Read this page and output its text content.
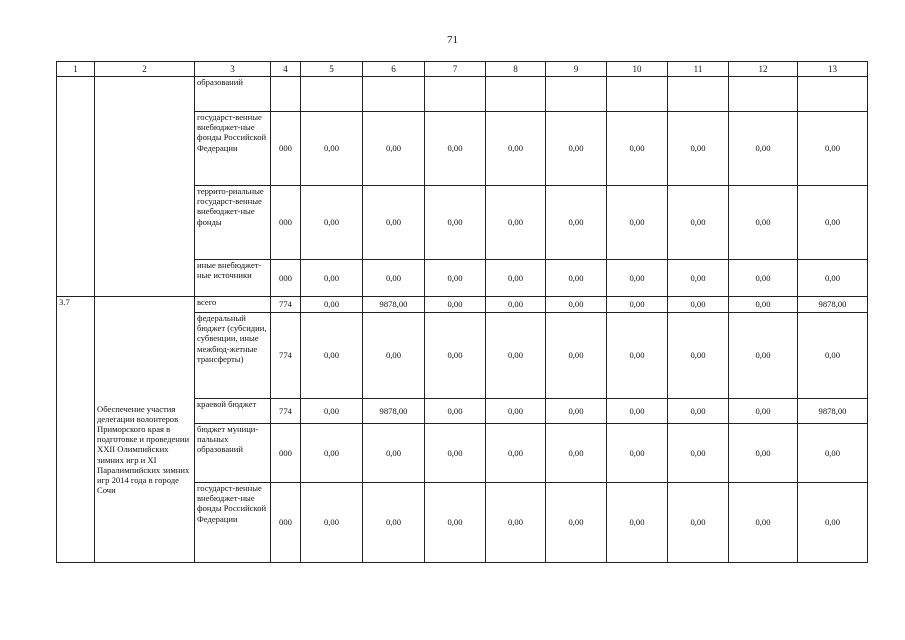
71
1	2	3	4	5	6	7	8	9	10	11	12	13
		образований										
		государст-венные внебюджет-ные фонды Российской Федерации	000	0,00	0,00	0,00	0,00	0,00	0,00	0,00	0,00	0,00
		террито-риальные государст-венные внебюджет-ные фонды	000	0,00	0,00	0,00	0,00	0,00	0,00	0,00	0,00	0,00
		иные внебюджет-ные источники	000	0,00	0,00	0,00	0,00	0,00	0,00	0,00	0,00	0,00
3.7	Обеспечение участия делегации волонтеров Приморского края в подготовке и проведении XXII Олимпийских зимних игр и XI Паралимпийских зимних игр 2014 года в городе Сочи	всего	774	0,00	9878,00	0,00	0,00	0,00	0,00	0,00	0,00	9878,00
		федеральный бюджет (субсидии, субвенции, иные межбюд-жетные трансферты)	774	0,00	0,00	0,00	0,00	0,00	0,00	0,00	0,00	0,00
		краевой бюджет	774	0,00	9878,00	0,00	0,00	0,00	0,00	0,00	0,00	9878,00
		бюджет муници-пальных образований	000	0,00	0,00	0,00	0,00	0,00	0,00	0,00	0,00	0,00
		государст-венные внебюджет-ные фонды Российской Федерации	000	0,00	0,00	0,00	0,00	0,00	0,00	0,00	0,00	0,00
